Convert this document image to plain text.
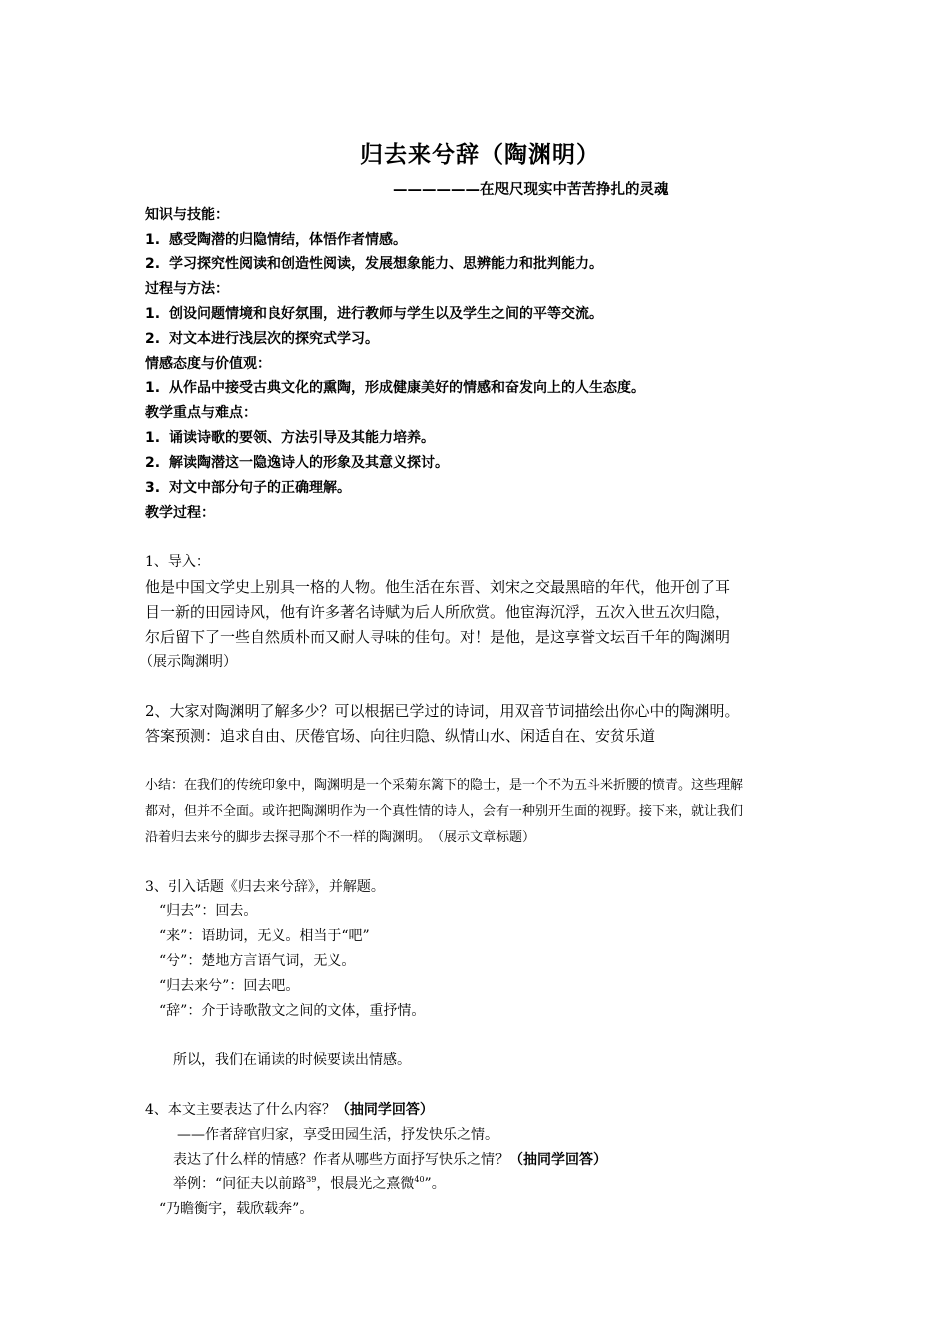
归去来兮辞（陶渊明）
——————在咫尺现实中苦苦挣扎的灵魂
知识与技能：
1. 感受陶潜的归隐情结，体悟作者情感。
2. 学习探究性阅读和创造性阅读，发展想象能力、思辨能力和批判能力。
过程与方法：
1. 创设问题情境和良好氛围，进行教师与学生以及学生之间的平等交流。
2. 对文本进行浅层次的探究式学习。
情感态度与价值观：
1. 从作品中接受古典文化的熏陶，形成健康美好的情感和奋发向上的人生态度。
教学重点与难点：
1. 诵读诗歌的要领、方法引导及其能力培养。
2. 解读陶潜这一隐逸诗人的形象及其意义探讨。
3. 对文中部分句子的正确理解。
教学过程：
1、导入：
他是中国文学史上别具一格的人物。他生活在东晋、刘宋之交最黑暗的年代，他开创了耳
目一新的田园诗风，他有许多著名诗赋为后人所欣赏。他宦海沉浮，五次入世五次归隐，
尔后留下了一些自然质朴而又耐人寻味的佳句。对！是他，是这享誉文坛百千年的陶渊明
（展示陶渊明）
2、大家对陶渊明了解多少？可以根据已学过的诗词，用双音节词描绘出你心中的陶渊明。
答案预测：追求自由、厌倦官场、向往归隐、纵情山水、闲适自在、安贫乐道
小结：在我们的传统印象中，陶渊明是一个采菊东篱下的隐士，是一个不为五斗米折腰的愤青。这些理解
都对，但并不全面。或许把陶渊明作为一个真性情的诗人，会有一种别开生面的视野。接下来，就让我们
沿着归去来兮的脚步去探寻那个不一样的陶渊明。　（展示文章标题）
3、引入话题《归去来兮辞》，并解题。
“归去”：回去。
“来”：语助词，无义。相当于“吧”
“兮”：楚地方言语气词，无义。
“归去来兮”：回去吧。
“辞”：介于诗歌散文之间的文体，重抒情。
所以，我们在诵读的时候要读出情感。
4、本文主要表达了什么内容？（抽同学回答）
——作者辞官归家，享受田园生活，抒发快乐之情。
表达了什么样的情感？作者从哪些方面抒写快乐之情？（抽同学回答）
举例：“问征夫以前路$^{39}$，恨晨光之熹微$^{40}$”。
“乃瞻衡宇，载欣载奔”。
